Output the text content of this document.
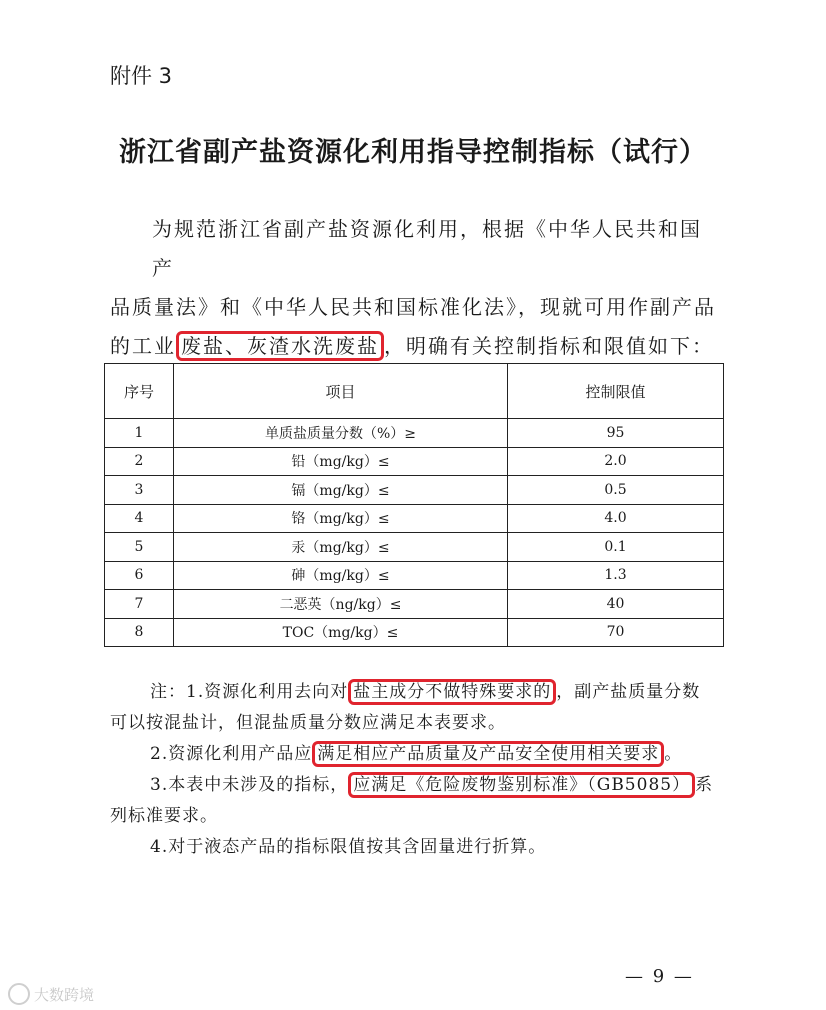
附件 3
浙江省副产盐资源化利用指导控制指标（试行）

为规范浙江省副产盐资源化利用，根据《中华人民共和国产

品质量法》和《中华人民共和国标准化法》，现就可用作副产品

的工业 废盐、灰渣水洗废盐 ，明确有关控制指标和限值如下：

序号	项目	控制限值
1	单质盐质量分数（%）≥	95
2	铅（mg/kg）≤	2.0
3	镉（mg/kg）≤	0.5
4	铬（mg/kg）≤	4.0
5	汞（mg/kg）≤	0.1
6	砷（mg/kg）≤	1.3
7	二恶英（ng/kg）≤	40
8	TOC（mg/kg）≤	70

注：1.资源化利用去向对 盐主成分不做特殊要求的 ，副产盐质量分数

可以按混盐计，但混盐质量分数应满足本表要求。

2.资源化利用产品应 满足相应产品质量及产品安全使用相关要求 。

3.本表中未涉及的指标， 应满足《危险废物鉴别标准》（GB5085） 系

列标准要求。

4.对于液态产品的指标限值按其含固量进行折算。

— 9 —
大数跨境
